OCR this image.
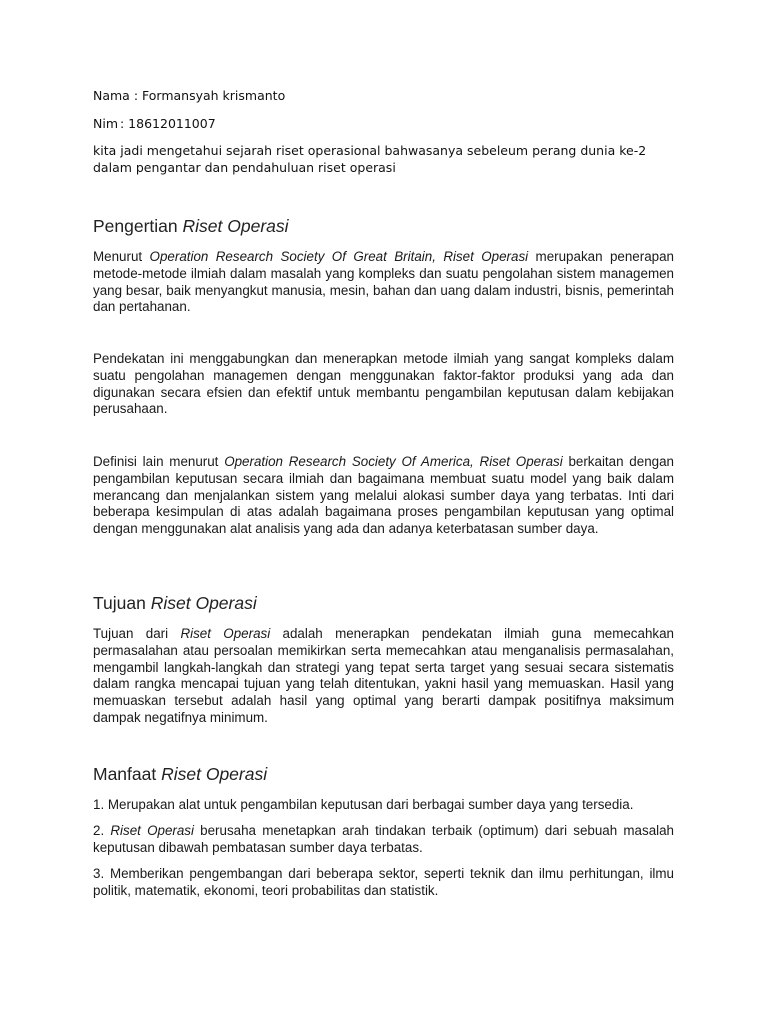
Nama : Formansyah krismanto
Nim : 18612011007
kita jadi mengetahui sejarah riset operasional bahwasanya sebeleum perang dunia ke-2 dalam pengantar dan pendahuluan riset operasi
Pengertian Riset Operasi

Menurut Operation Research Society Of Great Britain, Riset Operasi merupakan penerapan metode-metode ilmiah dalam masalah yang kompleks dan suatu pengolahan sistem managemen yang besar, baik menyangkut manusia, mesin, bahan dan uang dalam industri, bisnis, pemerintah dan pertahanan.

Pendekatan ini menggabungkan dan menerapkan metode ilmiah yang sangat kompleks dalam suatu pengolahan managemen dengan menggunakan faktor-faktor produksi yang ada dan digunakan secara efsien dan efektif untuk membantu pengambilan keputusan dalam kebijakan perusahaan.

Definisi lain menurut Operation Research Society Of America, Riset Operasi berkaitan dengan pengambilan keputusan secara ilmiah dan bagaimana membuat suatu model yang baik dalam merancang dan menjalankan sistem yang melalui alokasi sumber daya yang terbatas. Inti dari beberapa kesimpulan di atas adalah bagaimana proses pengambilan keputusan yang optimal dengan menggunakan alat analisis yang ada dan adanya keterbatasan sumber daya.

Tujuan Riset Operasi

Tujuan dari Riset Operasi adalah menerapkan pendekatan ilmiah guna memecahkan permasalahan atau persoalan memikirkan serta memecahkan atau menganalisis permasalahan, mengambil langkah-langkah dan strategi yang tepat serta target yang sesuai secara sistematis dalam rangka mencapai tujuan yang telah ditentukan, yakni hasil yang memuaskan. Hasil yang memuaskan tersebut adalah hasil yang optimal yang berarti dampak positifnya maksimum dampak negatifnya minimum.

Manfaat Riset Operasi

1. Merupakan alat untuk pengambilan keputusan dari berbagai sumber daya yang tersedia.

2. Riset Operasi berusaha menetapkan arah tindakan terbaik (optimum) dari sebuah masalah keputusan dibawah pembatasan sumber daya terbatas.

3. Memberikan pengembangan dari beberapa sektor, seperti teknik dan ilmu perhitungan, ilmu politik, matematik, ekonomi, teori probabilitas dan statistik.
